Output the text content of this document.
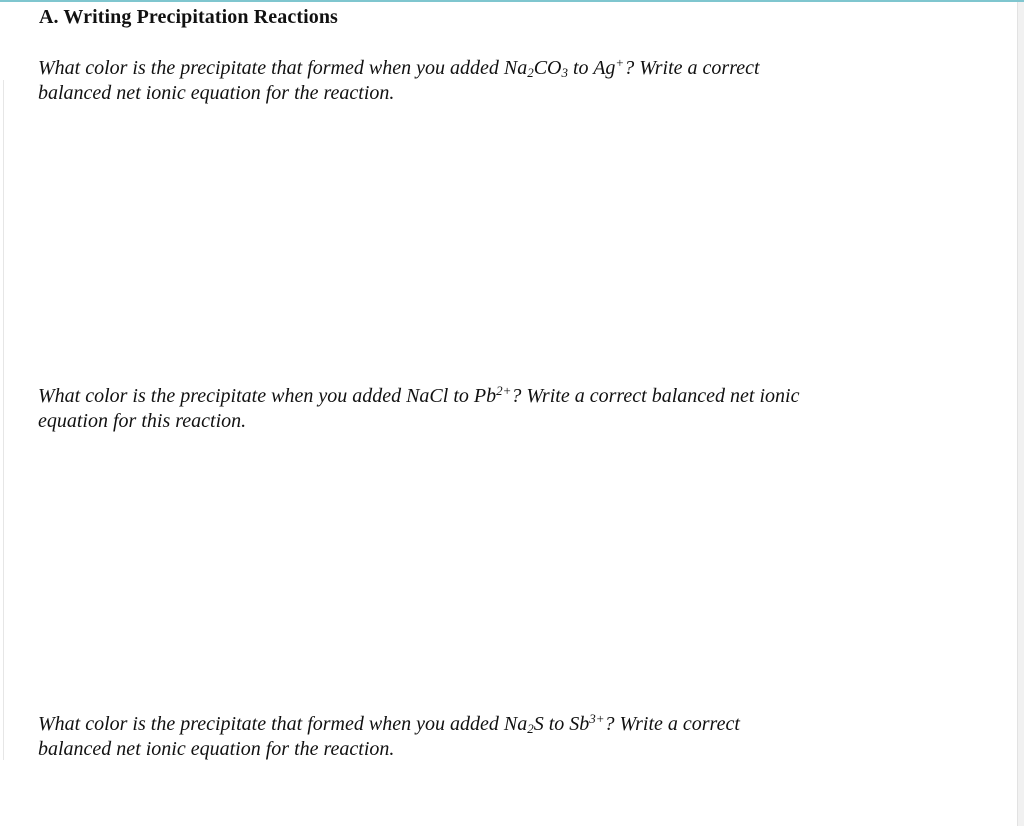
A. Writing Precipitation Reactions
What color is the precipitate that formed when you added $Na_2CO_3$ to Ag+? Write a correct
balanced net ionic equation for the reaction.
What color is the precipitate when you added NaCl to $Pb^{2+}$? Write a correct balanced net ionic
equation for this reaction.
What color is the precipitate that formed when you added $Na_2S$ to $Sb^{3+}$? Write a correct
balanced net ionic equation for the reaction.
